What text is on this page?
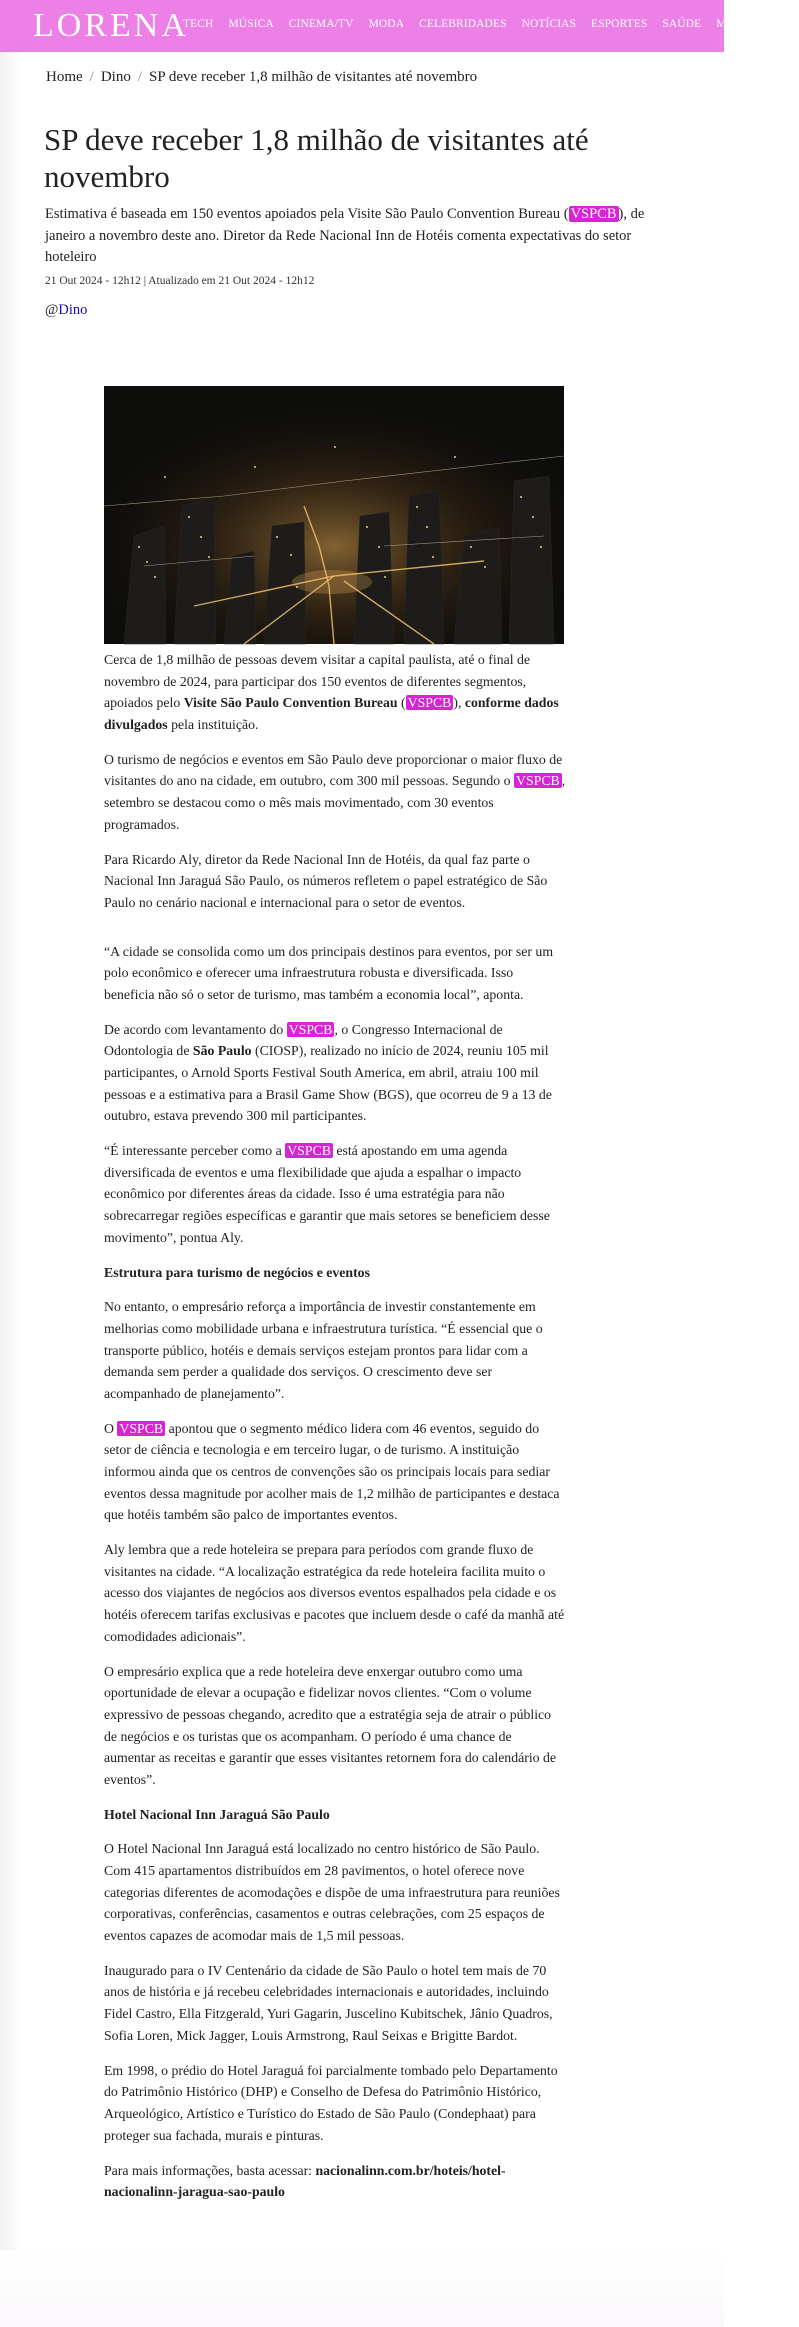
LORENA
TECH MÚSICA CINEMA/TV MODA CELEBRIDADES NOTÍCIAS ESPORTES SAÚDE MONEY BEM
Home / Dino / SP deve receber 1,8 milhão de visitantes até novembro
SP deve receber 1,8 milhão de visitantes até novembro

Estimativa é baseada em 150 eventos apoiados pela Visite São Paulo Convention Bureau ( VSPCB ), de janeiro a novembro deste ano. Diretor da Rede Nacional Inn de Hotéis comenta expectativas do setor hoteleiro

21 Out 2024 - 12h12 | Atualizado em 21 Out 2024 - 12h12
@Dino

Cerca de 1,8 milhão de pessoas devem visitar a capital paulista, até o final de novembro de 2024, para participar dos 150 eventos de diferentes segmentos, apoiados pelo Visite São Paulo Convention Bureau ( VSPCB ), conforme dados divulgados pela instituição.

O turismo de negócios e eventos em São Paulo deve proporcionar o maior fluxo de visitantes do ano na cidade, em outubro, com 300 mil pessoas. Segundo o VSPCB , setembro se destacou como o mês mais movimentado, com 30 eventos programados.

Para Ricardo Aly, diretor da Rede Nacional Inn de Hotéis, da qual faz parte o Nacional Inn Jaraguá São Paulo, os números refletem o papel estratégico de São Paulo no cenário nacional e internacional para o setor de eventos.

“A cidade se consolida como um dos principais destinos para eventos, por ser um polo econômico e oferecer uma infraestrutura robusta e diversificada. Isso beneficia não só o setor de turismo, mas também a economia local”, aponta.

De acordo com levantamento do VSPCB , o Congresso Internacional de Odontologia de São Paulo (CIOSP), realizado no início de 2024, reuniu 105 mil participantes, o Arnold Sports Festival South America, em abril, atraiu 100 mil pessoas e a estimativa para a Brasil Game Show (BGS), que ocorreu de 9 a 13 de outubro, estava prevendo 300 mil participantes.

“É interessante perceber como a VSPCB está apostando em uma agenda diversificada de eventos e uma flexibilidade que ajuda a espalhar o impacto econômico por diferentes áreas da cidade. Isso é uma estratégia para não sobrecarregar regiões específicas e garantir que mais setores se beneficiem desse movimento”, pontua Aly.

Estrutura para turismo de negócios e eventos

No entanto, o empresário reforça a importância de investir constantemente em melhorias como mobilidade urbana e infraestrutura turística. “É essencial que o transporte público, hotéis e demais serviços estejam prontos para lidar com a demanda sem perder a qualidade dos serviços. O crescimento deve ser acompanhado de planejamento”.

O VSPCB apontou que o segmento médico lidera com 46 eventos, seguido do setor de ciência e tecnologia e em terceiro lugar, o de turismo. A instituição informou ainda que os centros de convenções são os principais locais para sediar eventos dessa magnitude por acolher mais de 1,2 milhão de participantes e destaca que hotéis também são palco de importantes eventos.

Aly lembra que a rede hoteleira se prepara para períodos com grande fluxo de visitantes na cidade. “A localização estratégica da rede hoteleira facilita muito o acesso dos viajantes de negócios aos diversos eventos espalhados pela cidade e os hotéis oferecem tarifas exclusivas e pacotes que incluem desde o café da manhã até comodidades adicionais”.

O empresário explica que a rede hoteleira deve enxergar outubro como uma oportunidade de elevar a ocupação e fidelizar novos clientes. “Com o volume expressivo de pessoas chegando, acredito que a estratégia seja de atrair o público de negócios e os turistas que os acompanham. O período é uma chance de aumentar as receitas e garantir que esses visitantes retornem fora do calendário de eventos”.

Hotel Nacional Inn Jaraguá São Paulo

O Hotel Nacional Inn Jaraguá está localizado no centro histórico de São Paulo. Com 415 apartamentos distribuídos em 28 pavimentos, o hotel oferece nove categorias diferentes de acomodações e dispõe de uma infraestrutura para reuniões corporativas, conferências, casamentos e outras celebrações, com 25 espaços de eventos capazes de acomodar mais de 1,5 mil pessoas.

Inaugurado para o IV Centenário da cidade de São Paulo o hotel tem mais de 70 anos de história e já recebeu celebridades internacionais e autoridades, incluindo Fidel Castro, Ella Fitzgerald, Yuri Gagarin, Juscelino Kubitschek, Jânio Quadros, Sofia Loren, Mick Jagger, Louis Armstrong, Raul Seixas e Brigitte Bardot.

Em 1998, o prédio do Hotel Jaraguá foi parcialmente tombado pelo Departamento do Patrimônio Histórico (DHP) e Conselho de Defesa do Patrimônio Histórico, Arqueológico, Artístico e Turístico do Estado de São Paulo (Condephaat) para proteger sua fachada, murais e pinturas.

Para mais informações, basta acessar: nacionalinn.com.br/hoteis/hotel-nacionalinn-jaragua-sao-paulo
